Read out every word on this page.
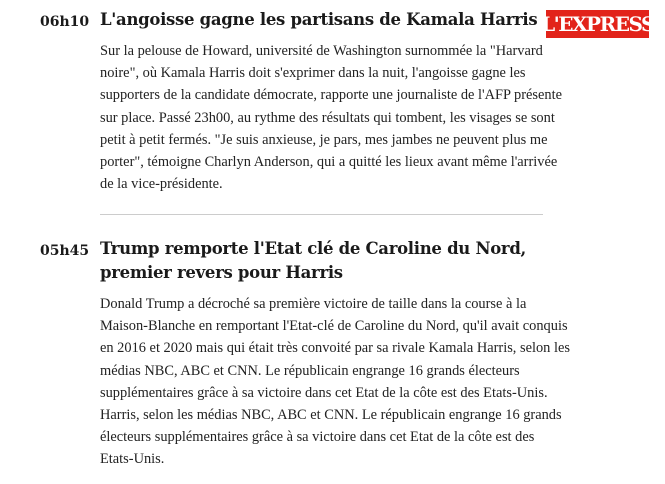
L'EXPRESS
06h10 L'angoisse gagne les partisans de Kamala Harris

Sur la pelouse de Howard, université de Washington surnommée la "Harvard noire", où Kamala Harris doit s'exprimer dans la nuit, l'angoisse gagne les supporters de la candidate démocrate, rapporte une journaliste de l'AFP présente sur place. Passé 23h00, au rythme des résultats qui tombent, les visages se sont petit à petit fermés. "Je suis anxieuse, je pars, mes jambes ne peuvent plus me porter", témoigne Charlyn Anderson, qui a quitté les lieux avant même l'arrivée de la vice-présidente.

05h45 Trump remporte l'Etat clé de Caroline du Nord, premier revers pour Harris

Donald Trump a décroché sa première victoire de taille dans la course à la Maison-Blanche en remportant l'Etat-clé de Caroline du Nord, qu'il avait conquis en 2016 et 2020 mais qui était très convoité par sa rivale Kamala Harris, selon les médias NBC, ABC et CNN. Le républicain engrange 16 grands électeurs supplémentaires grâce à sa victoire dans cet Etat de la côte est des Etats-Unis.

Harris, selon les médias NBC, ABC et CNN. Le républicain engrange 16 grands électeurs supplémentaires grâce à sa victoire dans cet Etat de la côte est des Etats-Unis.
